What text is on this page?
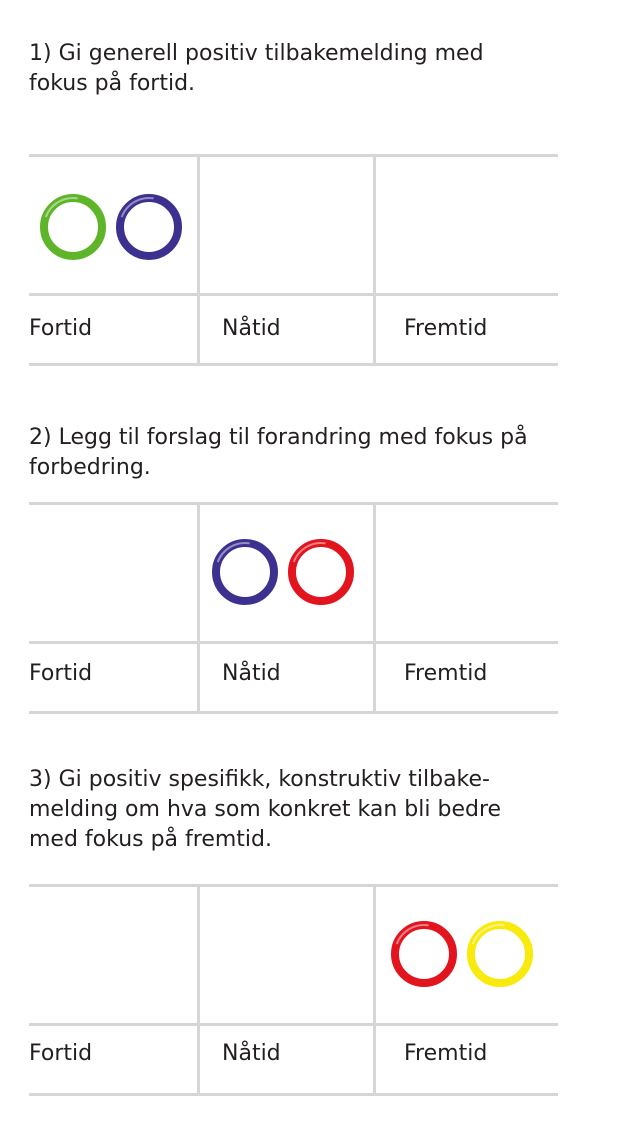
1) Gi generell positiv tilbakemelding med fokus på fortid.

Fortid	Nåtid	Fremtid

2) Legg til forslag til forandring med fokus på forbedring.

Fortid	Nåtid	Fremtid

3) Gi positiv spesifikk, konstruktiv tilbake-melding om hva som konkret kan bli bedre med fokus på fremtid.

Fortid	Nåtid	Fremtid
